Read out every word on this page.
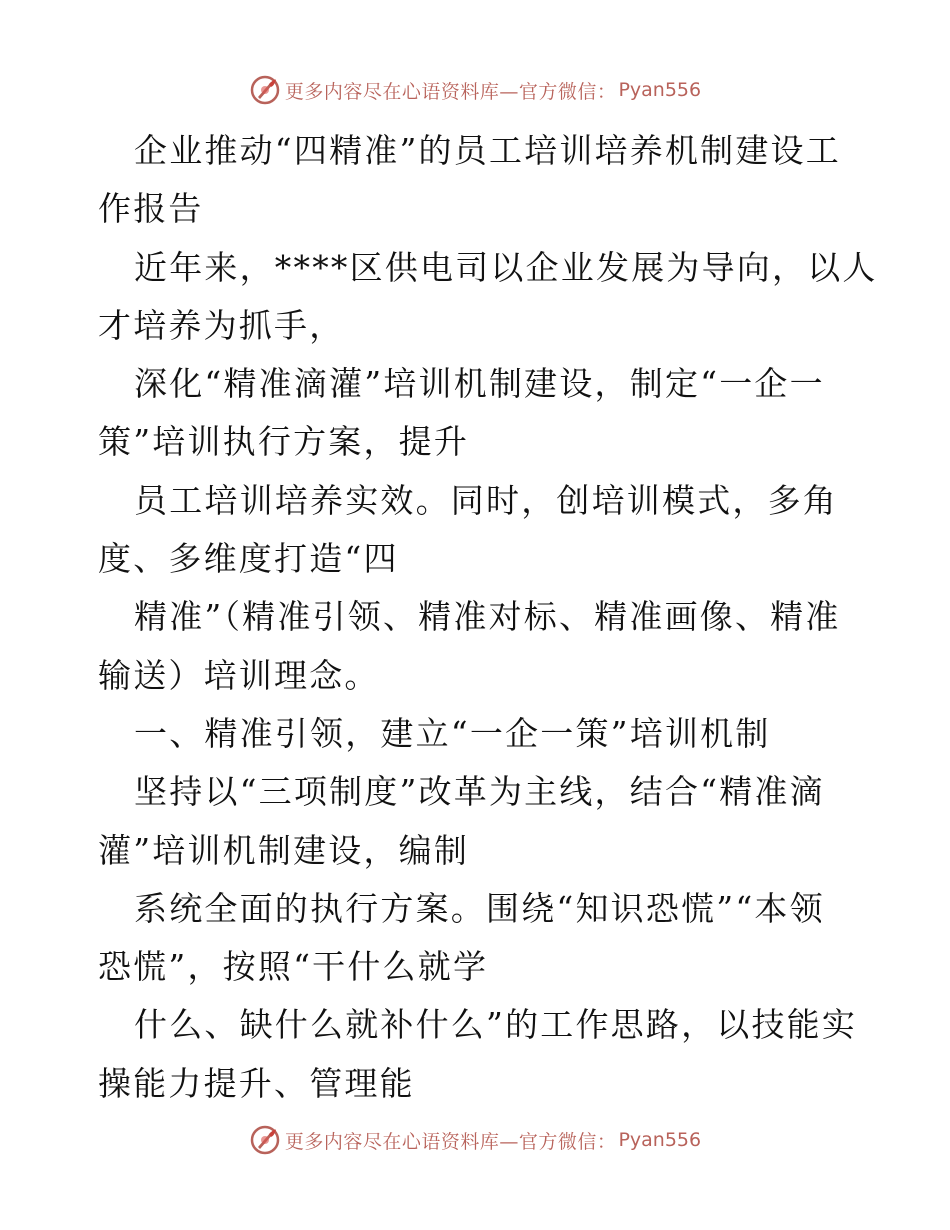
更多内容尽在心语资料库—官方微信： Pyan556
企业推动“四精准”的员工培训培养机制建设工
作报告
近年来，****区供电司以企业发展为导向，以人
才培养为抓手，
深化“精准滴灌”培训机制建设，制定“一企一
策”培训执行方案，提升
员工培训培养实效。同时，创培训模式，多角
度、多维度打造“四
精准”（精准引领、精准对标、精准画像、精准
输送）培训理念。
一、精准引领，建立“一企一策”培训机制
坚持以“三项制度”改革为主线，结合“精准滴
灌”培训机制建设，编制
系统全面的执行方案。围绕“知识恐慌”“本领
恐慌”，按照“干什么就学
什么、缺什么就补什么”的工作思路，以技能实
操能力提升、管理能
更多内容尽在心语资料库—官方微信： Pyan556
